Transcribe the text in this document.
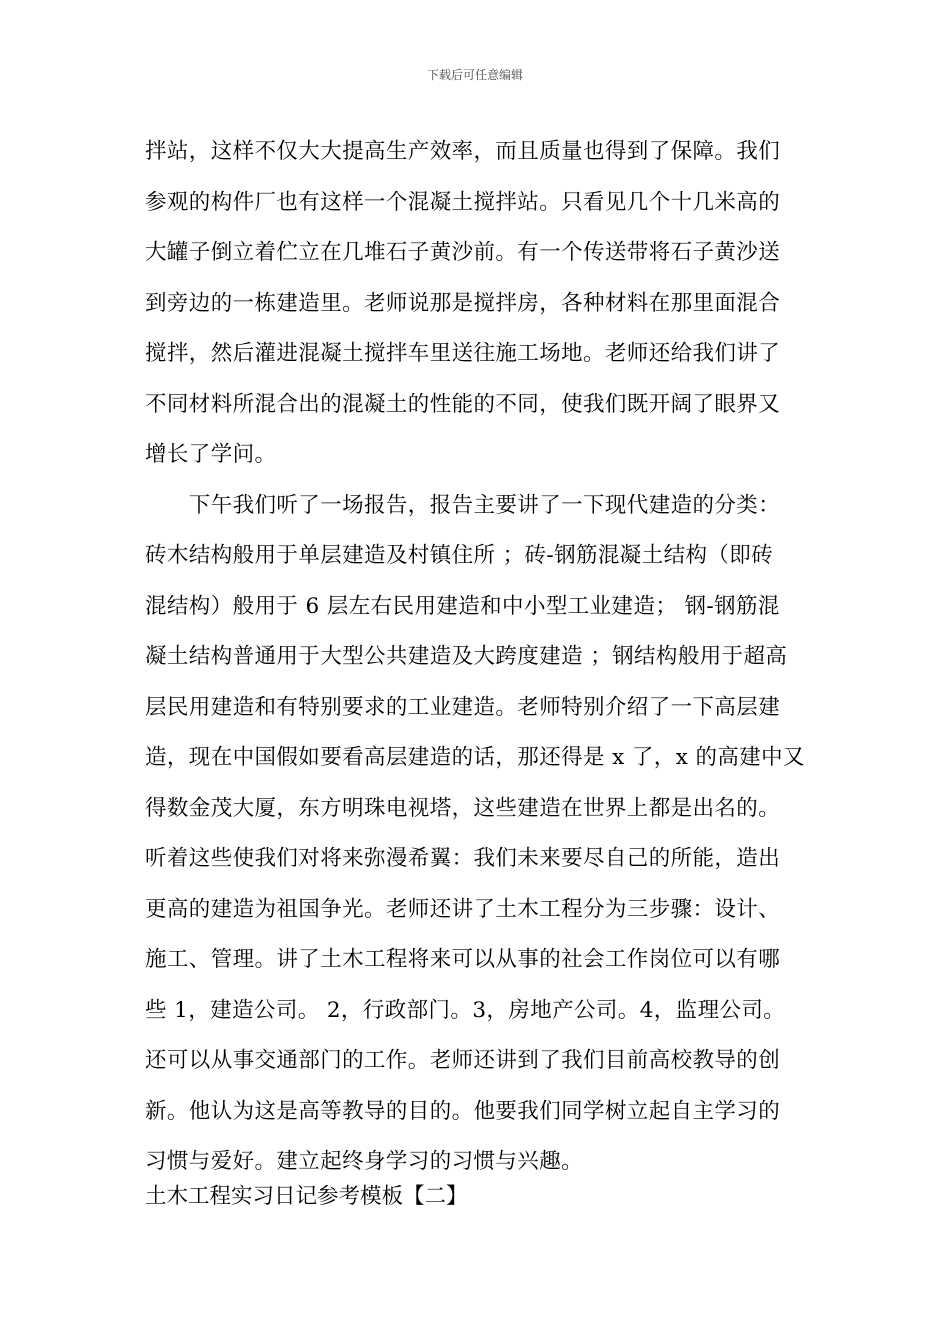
下载后可任意编辑
拌站，这样不仅大大提高生产效率，而且质量也得到了保障。我们
参观的构件厂也有这样一个混凝土搅拌站。只看见几个十几米高的
大罐子倒立着伫立在几堆石子黄沙前。有一个传送带将石子黄沙送
到旁边的一栋建造里。老师说那是搅拌房，各种材料在那里面混合
搅拌，然后灌进混凝土搅拌车里送往施工场地。老师还给我们讲了
不同材料所混合出的混凝土的性能的不同，使我们既开阔了眼界又
增长了学问。
　　下午我们听了一场报告，报告主要讲了一下现代建造的分类：
砖木结构般用于单层建造及村镇住所 ；砖-钢筋混凝土结构（即砖
混结构）般用于 6 层左右民用建造和中小型工业建造； 钢-钢筋混
凝土结构普通用于大型公共建造及大跨度建造 ；钢结构般用于超高
层民用建造和有特别要求的工业建造。老师特别介绍了一下高层建
造，现在中国假如要看高层建造的话，那还得是 x 了，x 的高建中又
得数金茂大厦，东方明珠电视塔，这些建造在世界上都是出名的。
听着这些使我们对将来弥漫希翼：我们未来要尽自己的所能，造出
更高的建造为祖国争光。老师还讲了土木工程分为三步骤：设计、
施工、管理。讲了土木工程将来可以从事的社会工作岗位可以有哪
些 1，建造公司。 2，行政部门。3，房地产公司。4，监理公司。
还可以从事交通部门的工作。老师还讲到了我们目前高校教导的创
新。他认为这是高等教导的目的。他要我们同学树立起自主学习的
习惯与爱好。建立起终身学习的习惯与兴趣。
土木工程实习日记参考模板【二】
